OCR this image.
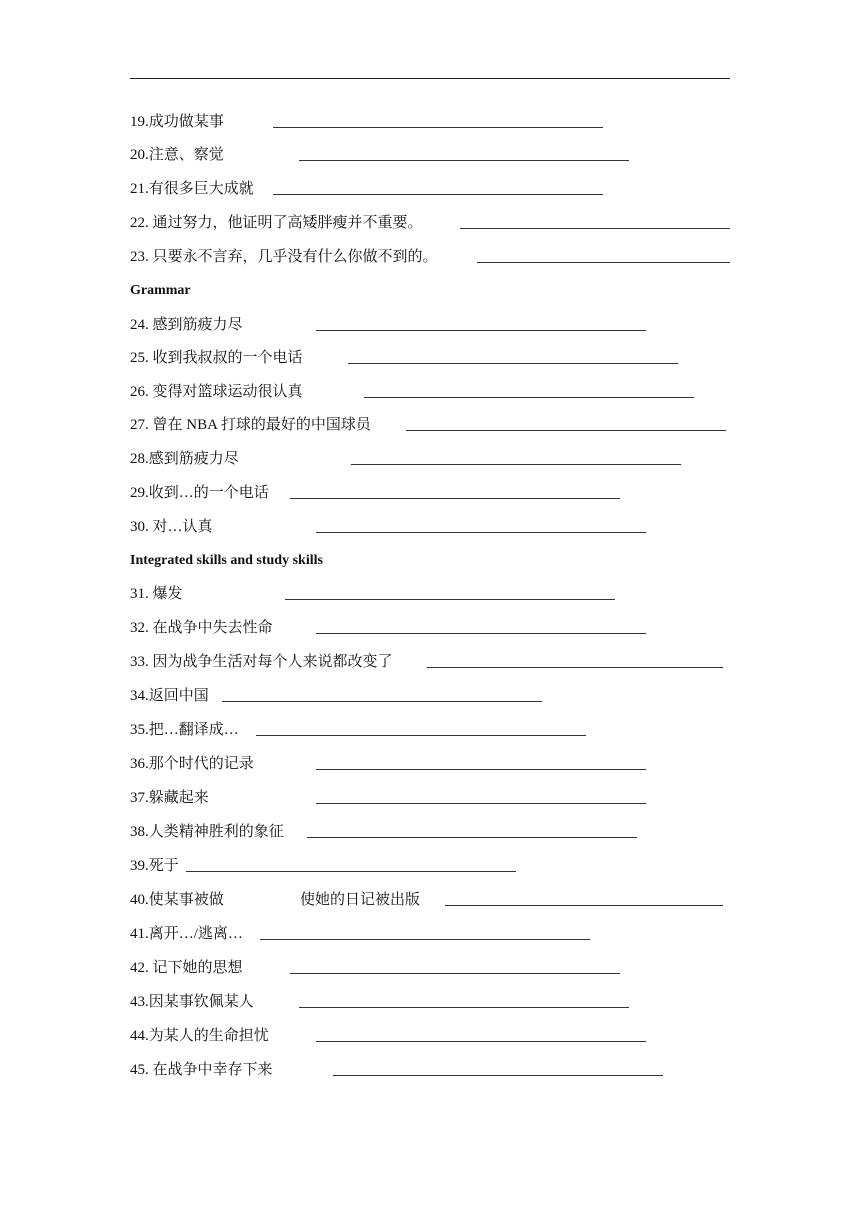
19.成功做某事
20.注意、察觉
21.有很多巨大成就
22. 通过努力，他证明了高矮胖瘦并不重要。
23. 只要永不言弃，几乎没有什么你做不到的。
Grammar
24. 感到筋疲力尽
25. 收到我叔叔的一个电话
26. 变得对篮球运动很认真
27. 曾在 NBA 打球的最好的中国球员
28.感到筋疲力尽
29.收到…的一个电话
30. 对…认真
Integrated skills and study skills
31. 爆发
32. 在战争中失去性命
33. 因为战争生活对每个人来说都改变了
34.返回中国
35.把…翻译成…
36.那个时代的记录
37.躲藏起来
38.人类精神胜利的象征
39.死于
40.使某事被做	使她的日记被出版
41.离开…/逃离…
42. 记下她的思想
43.因某事钦佩某人
44.为某人的生命担忧
45. 在战争中幸存下来
